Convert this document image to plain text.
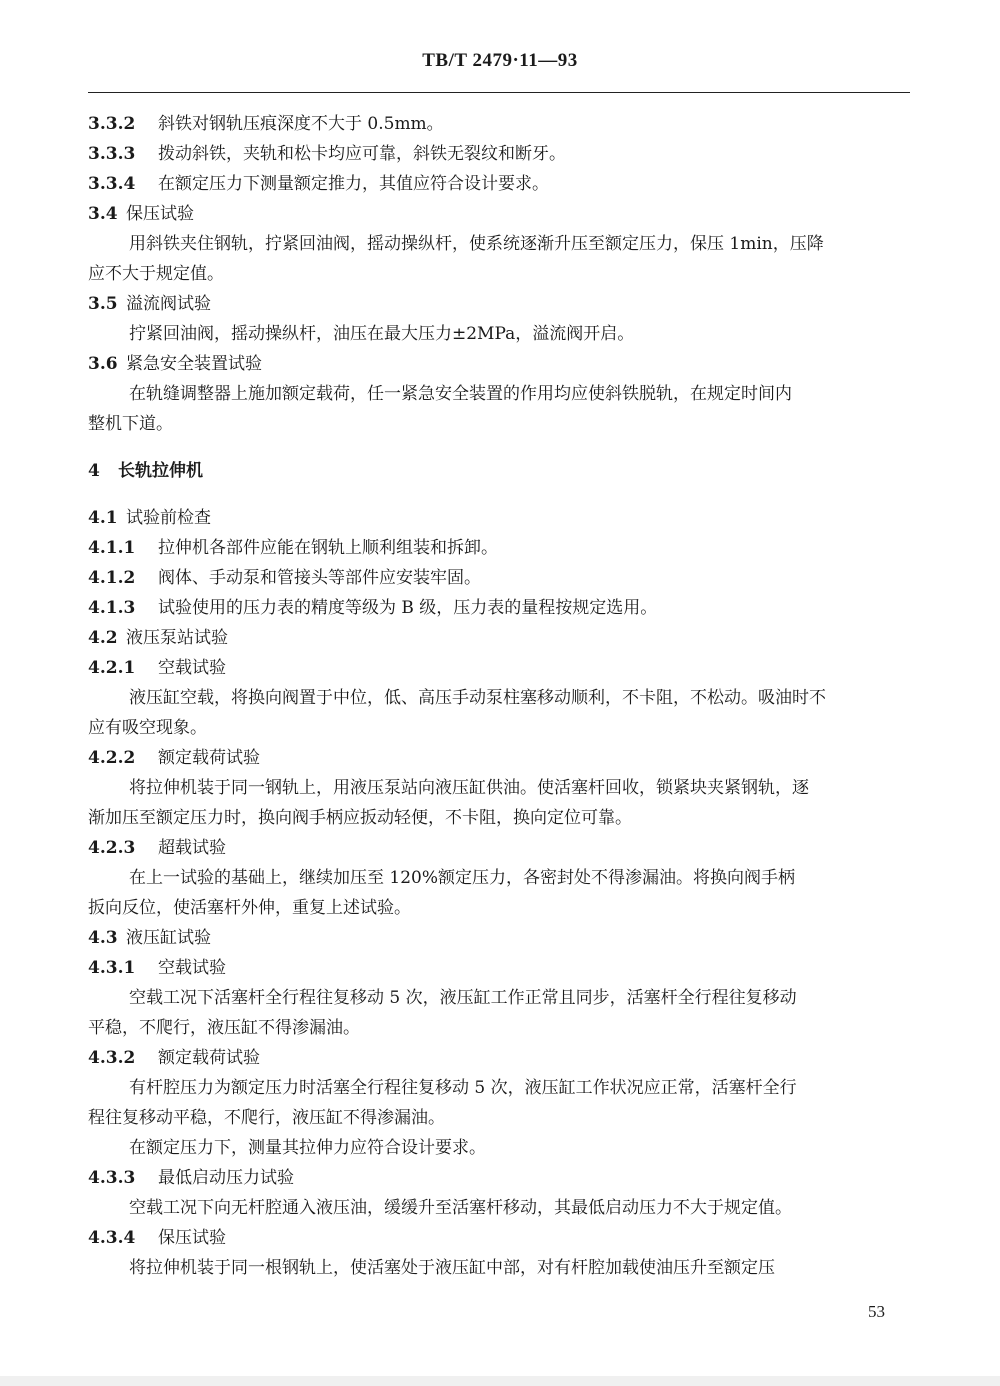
TB/T 2479·11—93
3.3.2 斜铁对钢轨压痕深度不大于 0.5mm。
3.3.3 拨动斜铁，夹轨和松卡均应可靠，斜铁无裂纹和断牙。
3.3.4 在额定压力下测量额定推力，其值应符合设计要求。
3.4 保压试验
用斜铁夹住钢轨，拧紧回油阀，摇动操纵杆，使系统逐渐升压至额定压力，保压 1min，压降
应不大于规定值。
3.5 溢流阀试验
拧紧回油阀，摇动操纵杆，油压在最大压力±2MPa，溢流阀开启。
3.6 紧急安全装置试验
在轨缝调整器上施加额定载荷，任一紧急安全装置的作用均应使斜铁脱轨，在规定时间内
整机下道。
4 长轨拉伸机
4.1 试验前检查
4.1.1 拉伸机各部件应能在钢轨上顺利组装和拆卸。
4.1.2 阀体、手动泵和管接头等部件应安装牢固。
4.1.3 试验使用的压力表的精度等级为 B 级，压力表的量程按规定选用。
4.2 液压泵站试验
4.2.1 空载试验
液压缸空载，将换向阀置于中位，低、高压手动泵柱塞移动顺利，不卡阻，不松动。吸油时不
应有吸空现象。
4.2.2 额定载荷试验
将拉伸机装于同一钢轨上，用液压泵站向液压缸供油。使活塞杆回收，锁紧块夹紧钢轨，逐
渐加压至额定压力时，换向阀手柄应扳动轻便，不卡阻，换向定位可靠。
4.2.3 超载试验
在上一试验的基础上，继续加压至 120%额定压力，各密封处不得渗漏油。将换向阀手柄
扳向反位，使活塞杆外伸，重复上述试验。
4.3 液压缸试验
4.3.1 空载试验
空载工况下活塞杆全行程往复移动 5 次，液压缸工作正常且同步，活塞杆全行程往复移动
平稳，不爬行，液压缸不得渗漏油。
4.3.2 额定载荷试验
有杆腔压力为额定压力时活塞全行程往复移动 5 次，液压缸工作状况应正常，活塞杆全行
程往复移动平稳，不爬行，液压缸不得渗漏油。
在额定压力下，测量其拉伸力应符合设计要求。
4.3.3 最低启动压力试验
空载工况下向无杆腔通入液压油，缓缓升至活塞杆移动，其最低启动压力不大于规定值。
4.3.4 保压试验
将拉伸机装于同一根钢轨上，使活塞处于液压缸中部，对有杆腔加载使油压升至额定压
53
